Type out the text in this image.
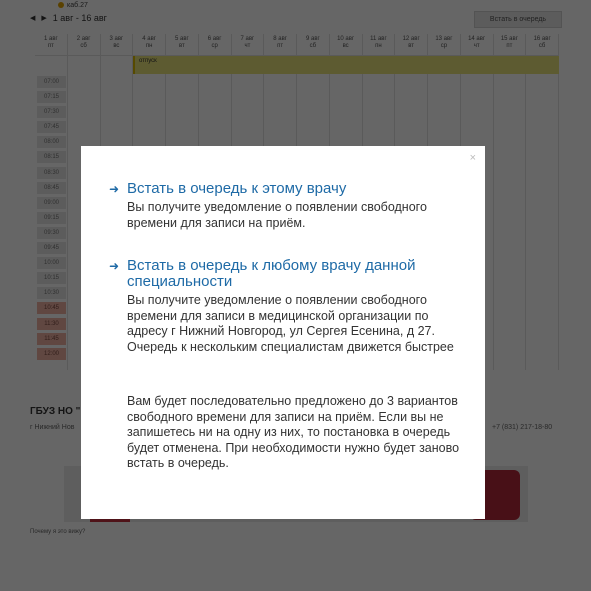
×
➜ Встать в очередь к этому врачу
Вы получите уведомление о появлении свободного времени для записи на приём.
➜ Встать в очередь к любому врачу данной специальности
Вы получите уведомление о появлении свободного времени для записи в медицинской организации по адресу г Нижний Новгород, ул Сергея Есенина, д 27. Очередь к нескольким специалистам движется быстрее
Вам будет последовательно предложено до 3 вариантов свободного времени для записи на приём. Если вы не запишетесь ни на одну из них, то постановка в очередь будет отменена. При необходимости нужно будет заново встать в очередь.
